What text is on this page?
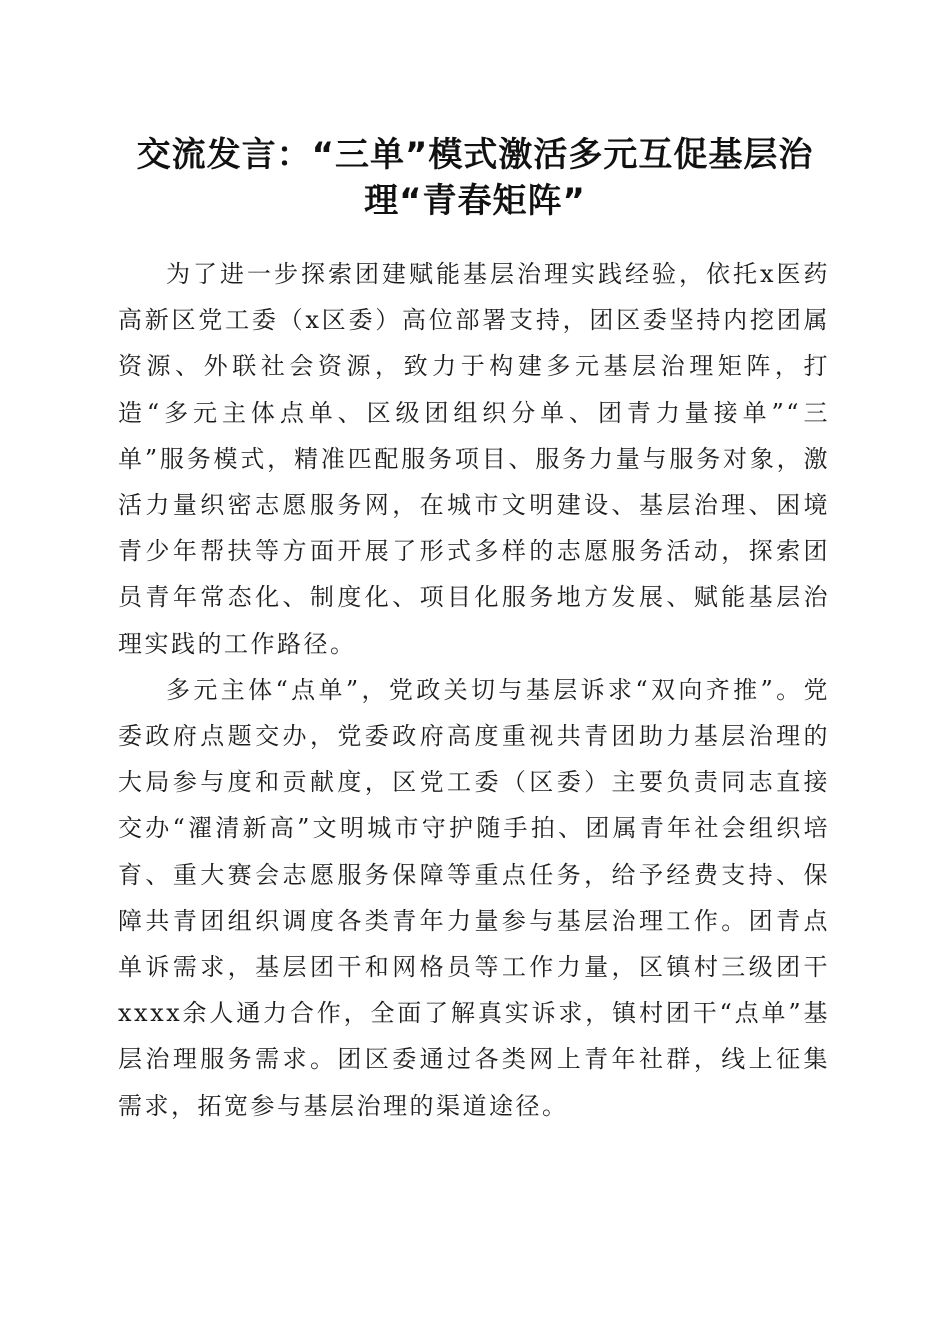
交流发言：“三单”模式激活多元互促基层治理“青春矩阵”

为了进一步探索团建赋能基层治理实践经验，依托x医药高新区党工委（x区委）高位部署支持，团区委坚持内挖团属资源、外联社会资源，致力于构建多元基层治理矩阵，打造“多元主体点单、区级团组织分单、团青力量接单”“三单”服务模式，精准匹配服务项目、服务力量与服务对象，激活力量织密志愿服务网，在城市文明建设、基层治理、困境青少年帮扶等方面开展了形式多样的志愿服务活动，探索团员青年常态化、制度化、项目化服务地方发展、赋能基层治理实践的工作路径。

多元主体“点单”，党政关切与基层诉求“双向齐推”。党委政府点题交办，党委政府高度重视共青团助力基层治理的大局参与度和贡献度，区党工委（区委）主要负责同志直接交办“濯清新高”文明城市守护随手拍、团属青年社会组织培育、重大赛会志愿服务保障等重点任务，给予经费支持、保障共青团组织调度各类青年力量参与基层治理工作。团青点单诉需求，基层团干和网格员等工作力量，区镇村三级团干xxxx余人通力合作，全面了解真实诉求，镇村团干“点单”基层治理服务需求。团区委通过各类网上青年社群，线上征集需求，拓宽参与基层治理的渠道途径。
